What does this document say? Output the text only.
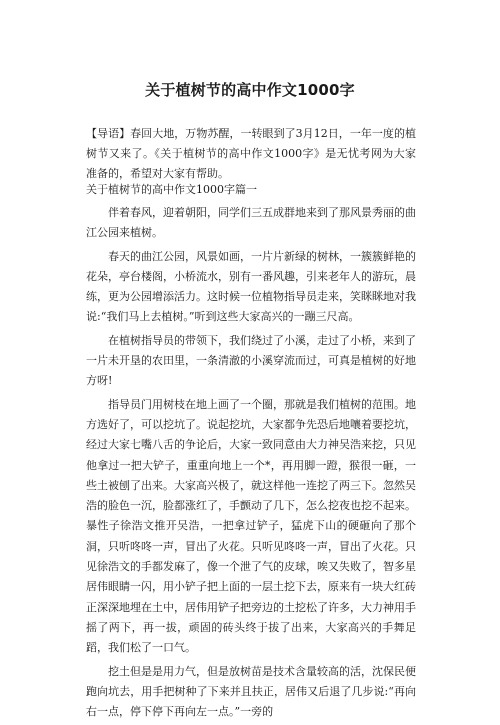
关于植树节的高中作文1000字

【导语】春回大地，万物苏醒，一转眼到了3月12日，一年一度的植树节又来了。《关于植树节的高中作文1000字》是无忧考网为大家准备的，希望对大家有帮助。

关于植树节的高中作文1000字篇一

伴着春风，迎着朝阳，同学们三五成群地来到了那风景秀丽的曲江公园来植树。

春天的曲江公园，风景如画，一片片新绿的树林，一簇簇鲜艳的花朵，亭台楼阁，小桥流水，别有一番风趣，引来老年人的游玩，晨练，更为公园增添活力。这时候一位植物指导员走来，笑眯眯地对我说:“我们马上去植树。”听到这些大家高兴的一蹦三尺高。

在植树指导员的带领下，我们绕过了小溪，走过了小桥，来到了一片未开垦的农田里，一条清澈的小溪穿流而过，可真是植树的好地方呀!

指导员门用树枝在地上画了一个圈，那就是我们植树的范围。地方选好了，可以挖坑了。说起挖坑，大家都争先恐后地嚷着要挖坑，经过大家七嘴八舌的争论后，大家一致同意由大力神吴浩来挖，只见他拿过一把大铲子，重重向地上一个*，再用脚一蹬，猴很一砸，一些土被刨了出来。大家高兴极了，就这样他一连挖了两三下。忽然吴浩的脸色一沉，脸都涨红了，手颤动了几下，怎么挖夜也挖不起来。暴性子徐浩文推开吴浩，一把拿过铲子，猛虎下山的硬砸向了那个洞，只听咚咚一声，冒出了火花。只听见咚咚一声，冒出了火花。只见徐浩文的手都发麻了，像一个泄了气的皮球，唉又失败了，智多星居伟眼睛一闪，用小铲子把上面的一层土挖下去，原来有一块大红砖正深深地埋在土中，居伟用铲子把旁边的土挖松了许多，大力神用手摇了两下，再一拔，顽固的砖头终于拔了出来，大家高兴的手舞足蹈，我们松了一口气。

挖土但是是用力气，但是放树苗是技术含量较高的活，沈保民便跑向坑去，用手把树种了下来并且扶正，居伟又后退了几步说:“再向右一点，停下停下再向左一点。”一旁的
